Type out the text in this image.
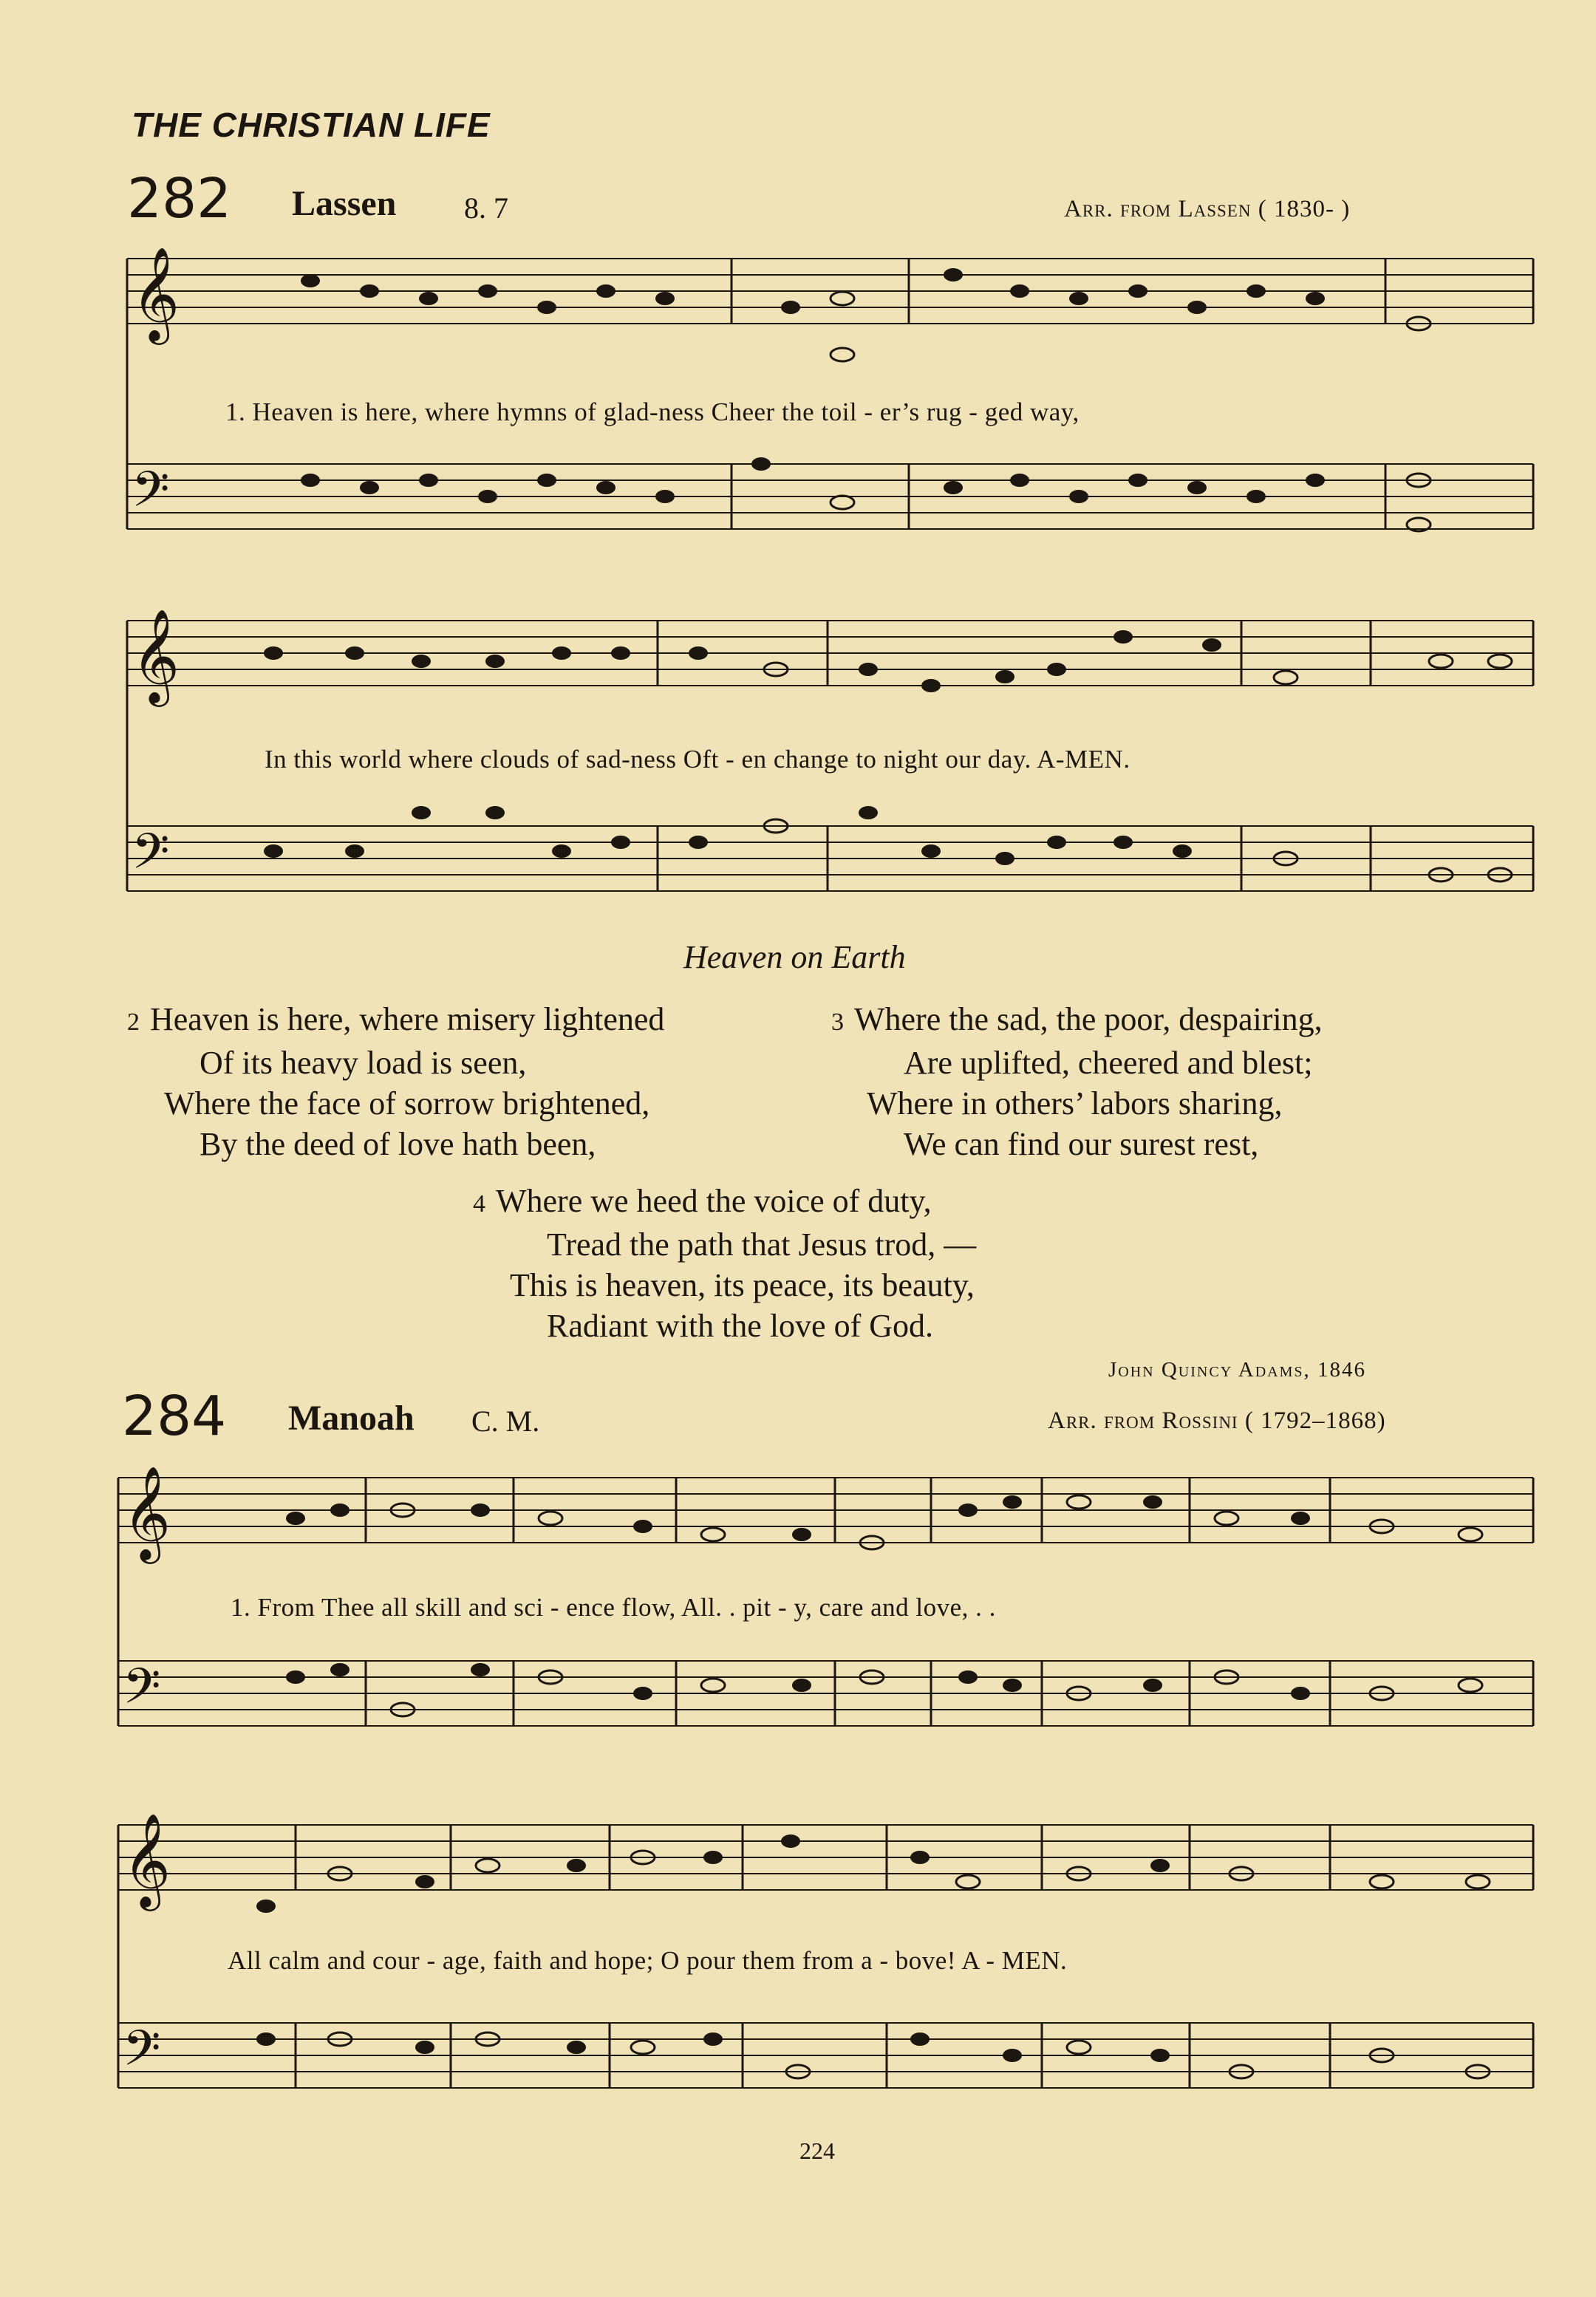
THE CHRISTIAN LIFE
282 Lassen 8. 7	Arr. from Lassen ( 1830- )
𝄞
𝄢
1. Heaven is here, where hymns of glad-ness Cheer the toil - er’s rug - ged way,
𝄞
𝄢
In this world where clouds of sad-ness Oft - en change to night our day. A-MEN.
Heaven on Earth
2 Heaven is here, where misery lightened
Of its heavy load is seen,
Where the face of sorrow brightened,
By the deed of love hath been,
3 Where the sad, the poor, despairing,
Are uplifted, cheered and blest;
Where in others’ labors sharing,
We can find our surest rest,
4 Where we heed the voice of duty,
Tread the path that Jesus trod, —
This is heaven, its peace, its beauty,
Radiant with the love of God.
John Quincy Adams, 1846
284 Manoah C. M.	Arr. from Rossini ( 1792–1868)
𝄞
𝄢
1. From Thee all skill and sci - ence flow, All. . pit - y, care and love, . .
𝄞
𝄢
All calm and cour - age, faith and hope; O pour them from a - bove! A - MEN.
224
